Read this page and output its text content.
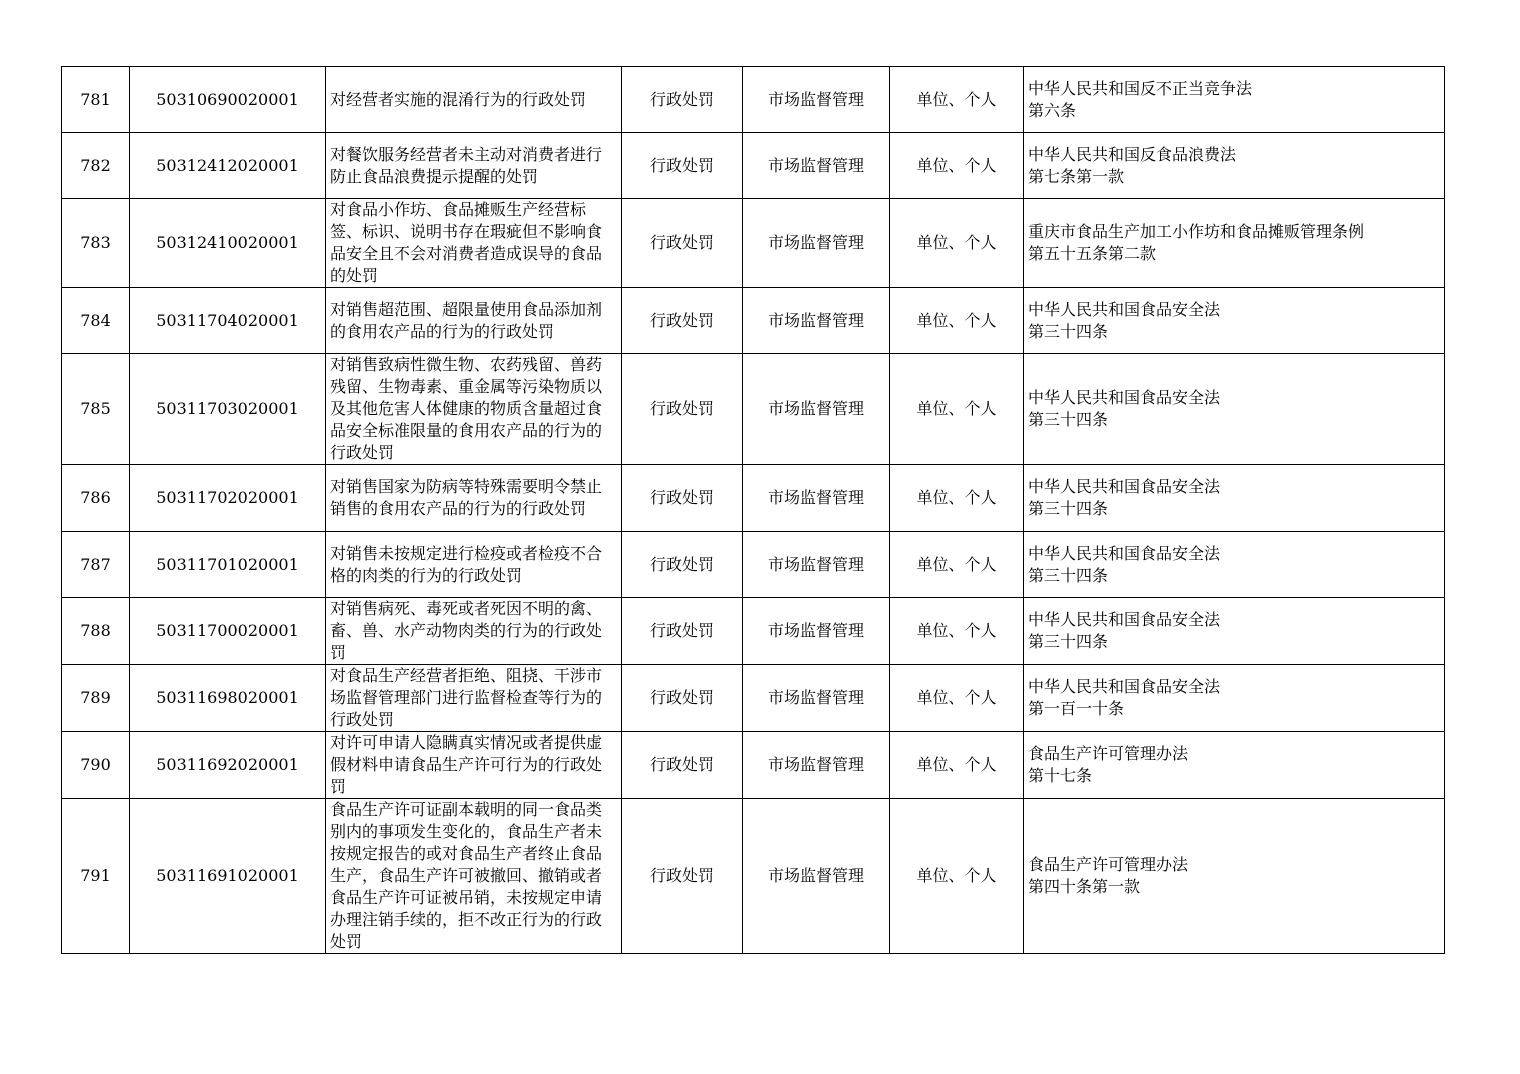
781	50310690020001	对经营者实施的混淆行为的行政处罚	行政处罚	市场监督管理	单位、个人	中华人民共和国反不正当竞争法
第六条

782	50312412020001	对餐饮服务经营者未主动对消费者进行防止食品浪费提示提醒的处罚	行政处罚	市场监督管理	单位、个人	中华人民共和国反食品浪费法
第七条第一款

783	50312410020001	对食品小作坊、食品摊贩生产经营标签、标识、说明书存在瑕疵但不影响食品安全且不会对消费者造成误导的食品的处罚	行政处罚	市场监督管理	单位、个人	重庆市食品生产加工小作坊和食品摊贩管理条例
第五十五条第二款

784	50311704020001	对销售超范围、超限量使用食品添加剂的食用农产品的行为的行政处罚	行政处罚	市场监督管理	单位、个人	中华人民共和国食品安全法
第三十四条

785	50311703020001	对销售致病性微生物、农药残留、兽药残留、生物毒素、重金属等污染物质以及其他危害人体健康的物质含量超过食品安全标准限量的食用农产品的行为的行政处罚	行政处罚	市场监督管理	单位、个人	中华人民共和国食品安全法
第三十四条

786	50311702020001	对销售国家为防病等特殊需要明令禁止销售的食用农产品的行为的行政处罚	行政处罚	市场监督管理	单位、个人	中华人民共和国食品安全法
第三十四条

787	50311701020001	对销售未按规定进行检疫或者检疫不合格的肉类的行为的行政处罚	行政处罚	市场监督管理	单位、个人	中华人民共和国食品安全法
第三十四条

788	50311700020001	对销售病死、毒死或者死因不明的禽、畜、兽、水产动物肉类的行为的行政处罚	行政处罚	市场监督管理	单位、个人	中华人民共和国食品安全法
第三十四条

789	50311698020001	对食品生产经营者拒绝、阻挠、干涉市场监督管理部门进行监督检查等行为的行政处罚	行政处罚	市场监督管理	单位、个人	中华人民共和国食品安全法
第一百一十条

790	50311692020001	对许可申请人隐瞒真实情况或者提供虚假材料申请食品生产许可行为的行政处罚	行政处罚	市场监督管理	单位、个人	食品生产许可管理办法
第十七条

791	50311691020001	食品生产许可证副本载明的同一食品类别内的事项发生变化的，食品生产者未按规定报告的或对食品生产者终止食品生产，食品生产许可被撤回、撤销或者食品生产许可证被吊销，未按规定申请办理注销手续的，拒不改正行为的行政处罚	行政处罚	市场监督管理	单位、个人	食品生产许可管理办法
第四十条第一款
